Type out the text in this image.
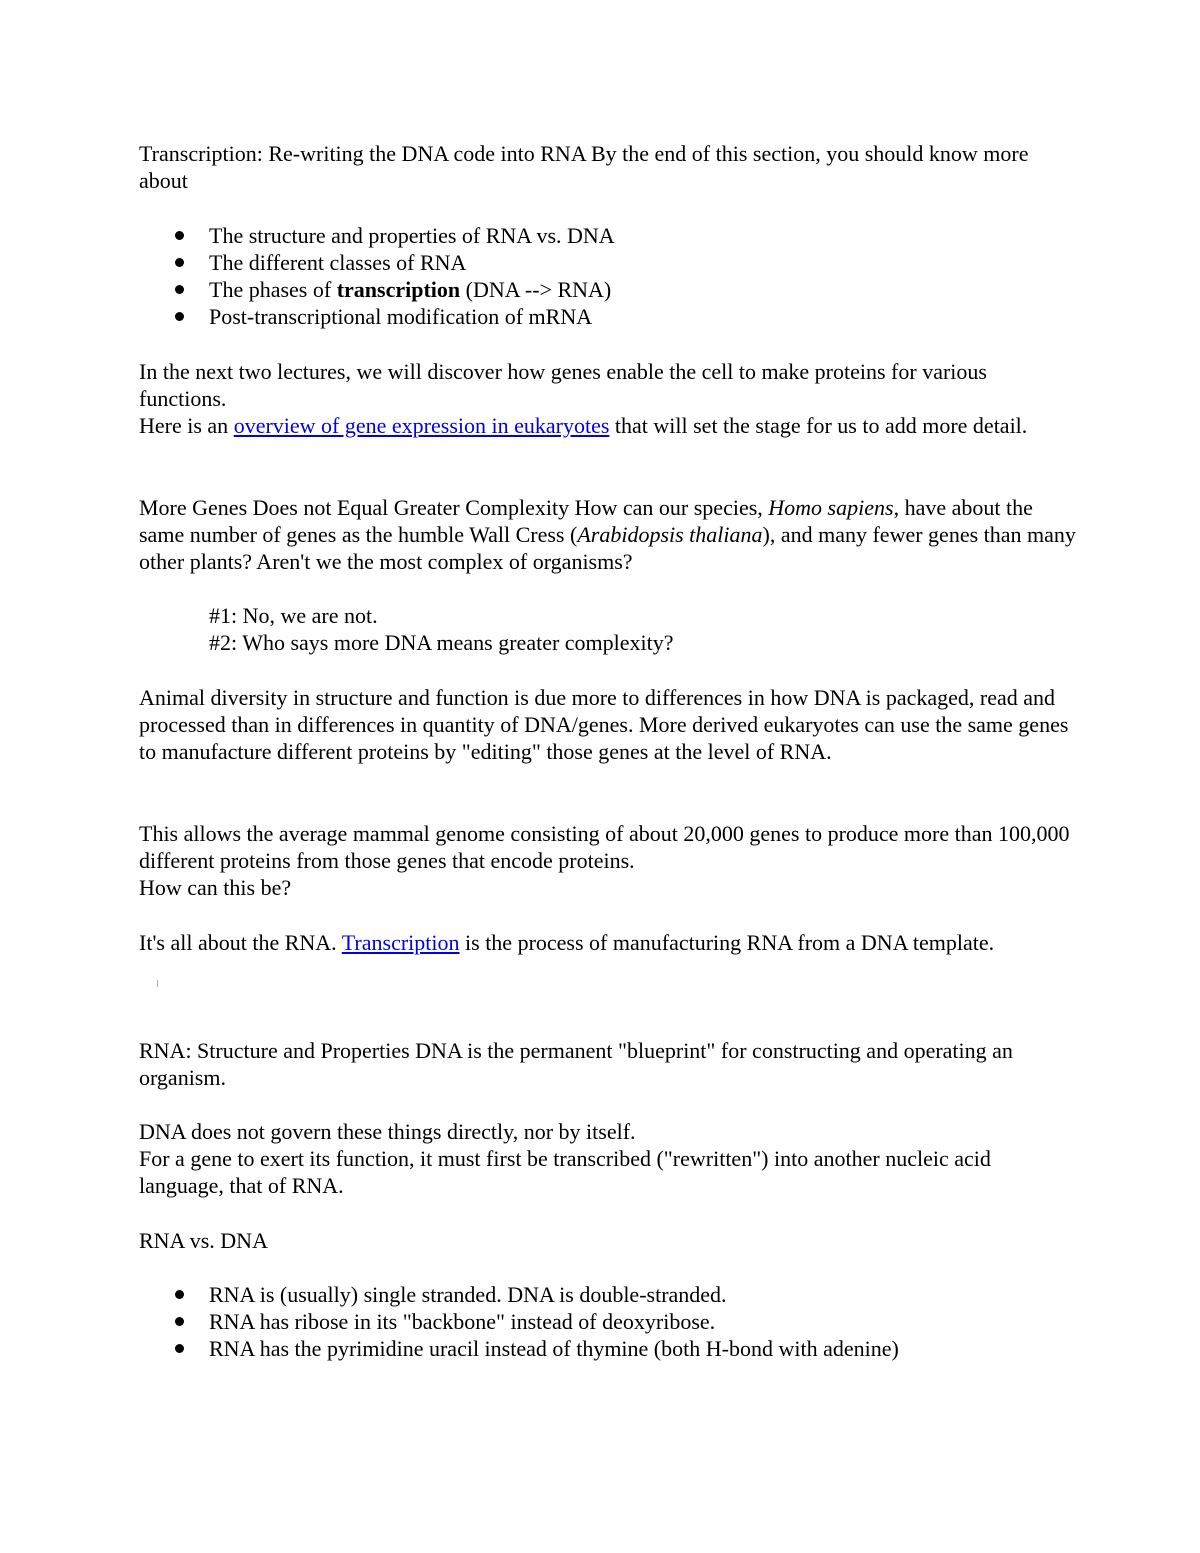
Transcription: Re-writing the DNA code into RNA By the end of this section, you should know more about

The structure and properties of RNA vs. DNA
The different classes of RNA
The phases of transcription (DNA --> RNA)
Post-transcriptional modification of mRNA

In the next two lectures, we will discover how genes enable the cell to make proteins for various functions.
Here is an overview of gene expression in eukaryotes that will set the stage for us to add more detail.

More Genes Does not Equal Greater Complexity How can our species, Homo sapiens, have about the same number of genes as the humble Wall Cress (Arabidopsis thaliana), and many fewer genes than many other plants? Aren't we the most complex of organisms?

#1: No, we are not.
#2: Who says more DNA means greater complexity?

Animal diversity in structure and function is due more to differences in how DNA is packaged, read and processed than in differences in quantity of DNA/genes. More derived eukaryotes can use the same genes to manufacture different proteins by "editing" those genes at the level of RNA.

This allows the average mammal genome consisting of about 20,000 genes to produce more than 100,000 different proteins from those genes that encode proteins.
How can this be?

It's all about the RNA. Transcription is the process of manufacturing RNA from a DNA template.

RNA: Structure and Properties DNA is the permanent "blueprint" for constructing and operating an organism.

DNA does not govern these things directly, nor by itself.
For a gene to exert its function, it must first be transcribed ("rewritten") into another nucleic acid language, that of RNA.

RNA vs. DNA

RNA is (usually) single stranded. DNA is double-stranded.
RNA has ribose in its "backbone" instead of deoxyribose.
RNA has the pyrimidine uracil instead of thymine (both H-bond with adenine)
